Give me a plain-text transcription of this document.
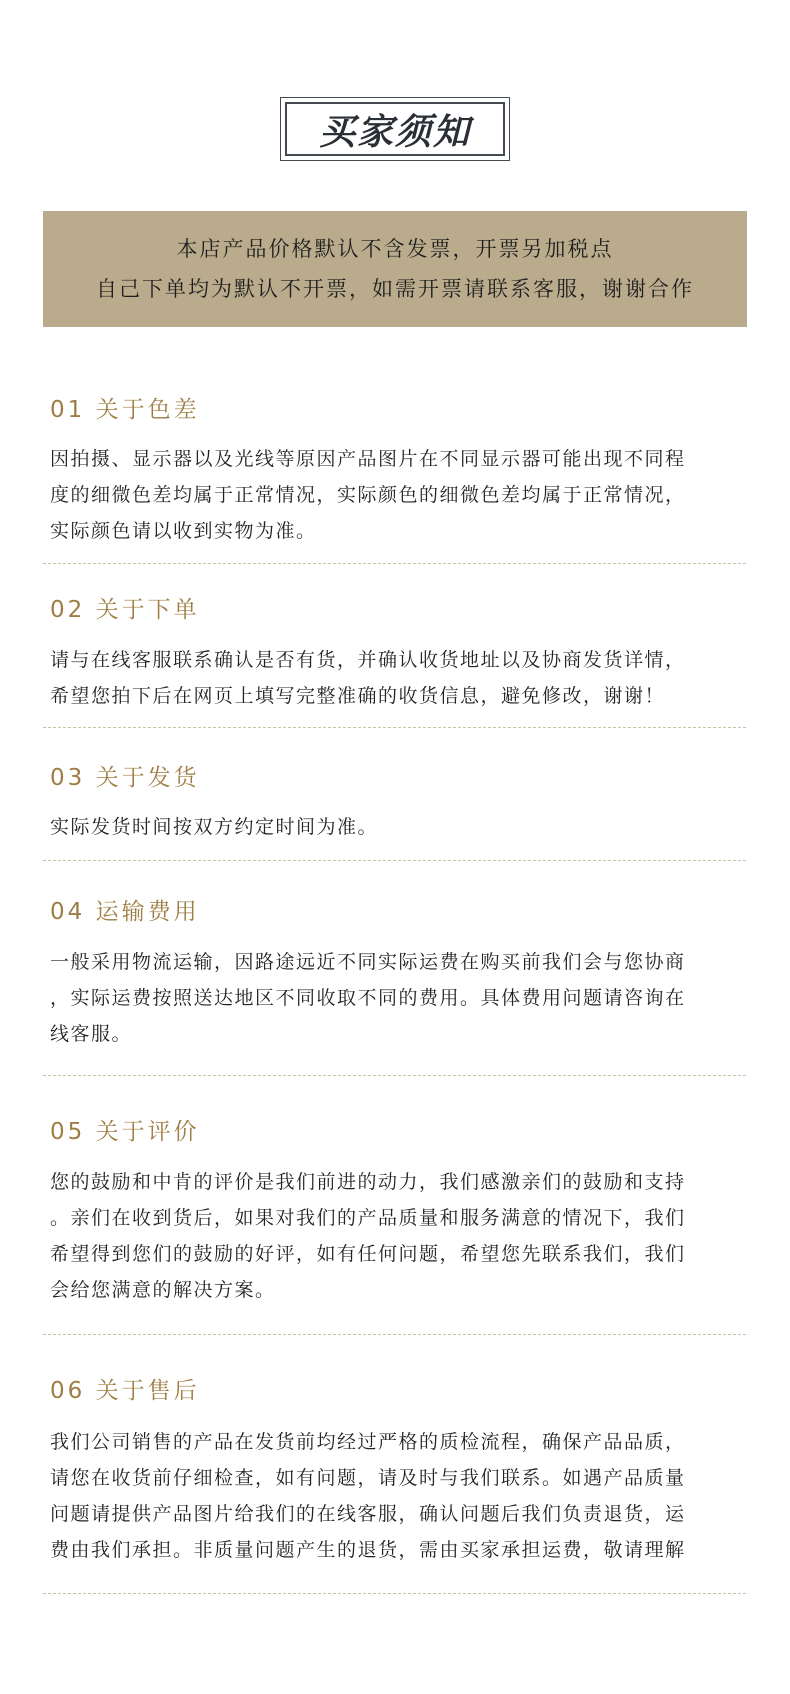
买家须知
本店产品价格默认不含发票，开票另加税点
自己下单均为默认不开票，如需开票请联系客服，谢谢合作
01 关于色差
因拍摄、显示器以及光线等原因产品图片在不同显示器可能出现不同程
度的细微色差均属于正常情况，实际颜色的细微色差均属于正常情况，
实际颜色请以收到实物为准。
02 关于下单
请与在线客服联系确认是否有货，并确认收货地址以及协商发货详情，
希望您拍下后在网页上填写完整准确的收货信息，避免修改，谢谢！
03 关于发货
实际发货时间按双方约定时间为准。
04 运输费用
一般采用物流运输，因路途远近不同实际运费在购买前我们会与您协商
，实际运费按照送达地区不同收取不同的费用。具体费用问题请咨询在
线客服。
05 关于评价
您的鼓励和中肯的评价是我们前进的动力，我们感激亲们的鼓励和支持
。亲们在收到货后，如果对我们的产品质量和服务满意的情况下，我们
希望得到您们的鼓励的好评，如有任何问题，希望您先联系我们，我们
会给您满意的解决方案。
06 关于售后
我们公司销售的产品在发货前均经过严格的质检流程，确保产品品质，
请您在收货前仔细检查，如有问题，请及时与我们联系。如遇产品质量
问题请提供产品图片给我们的在线客服，确认问题后我们负责退货，运
费由我们承担。非质量问题产生的退货，需由买家承担运费，敬请理解
